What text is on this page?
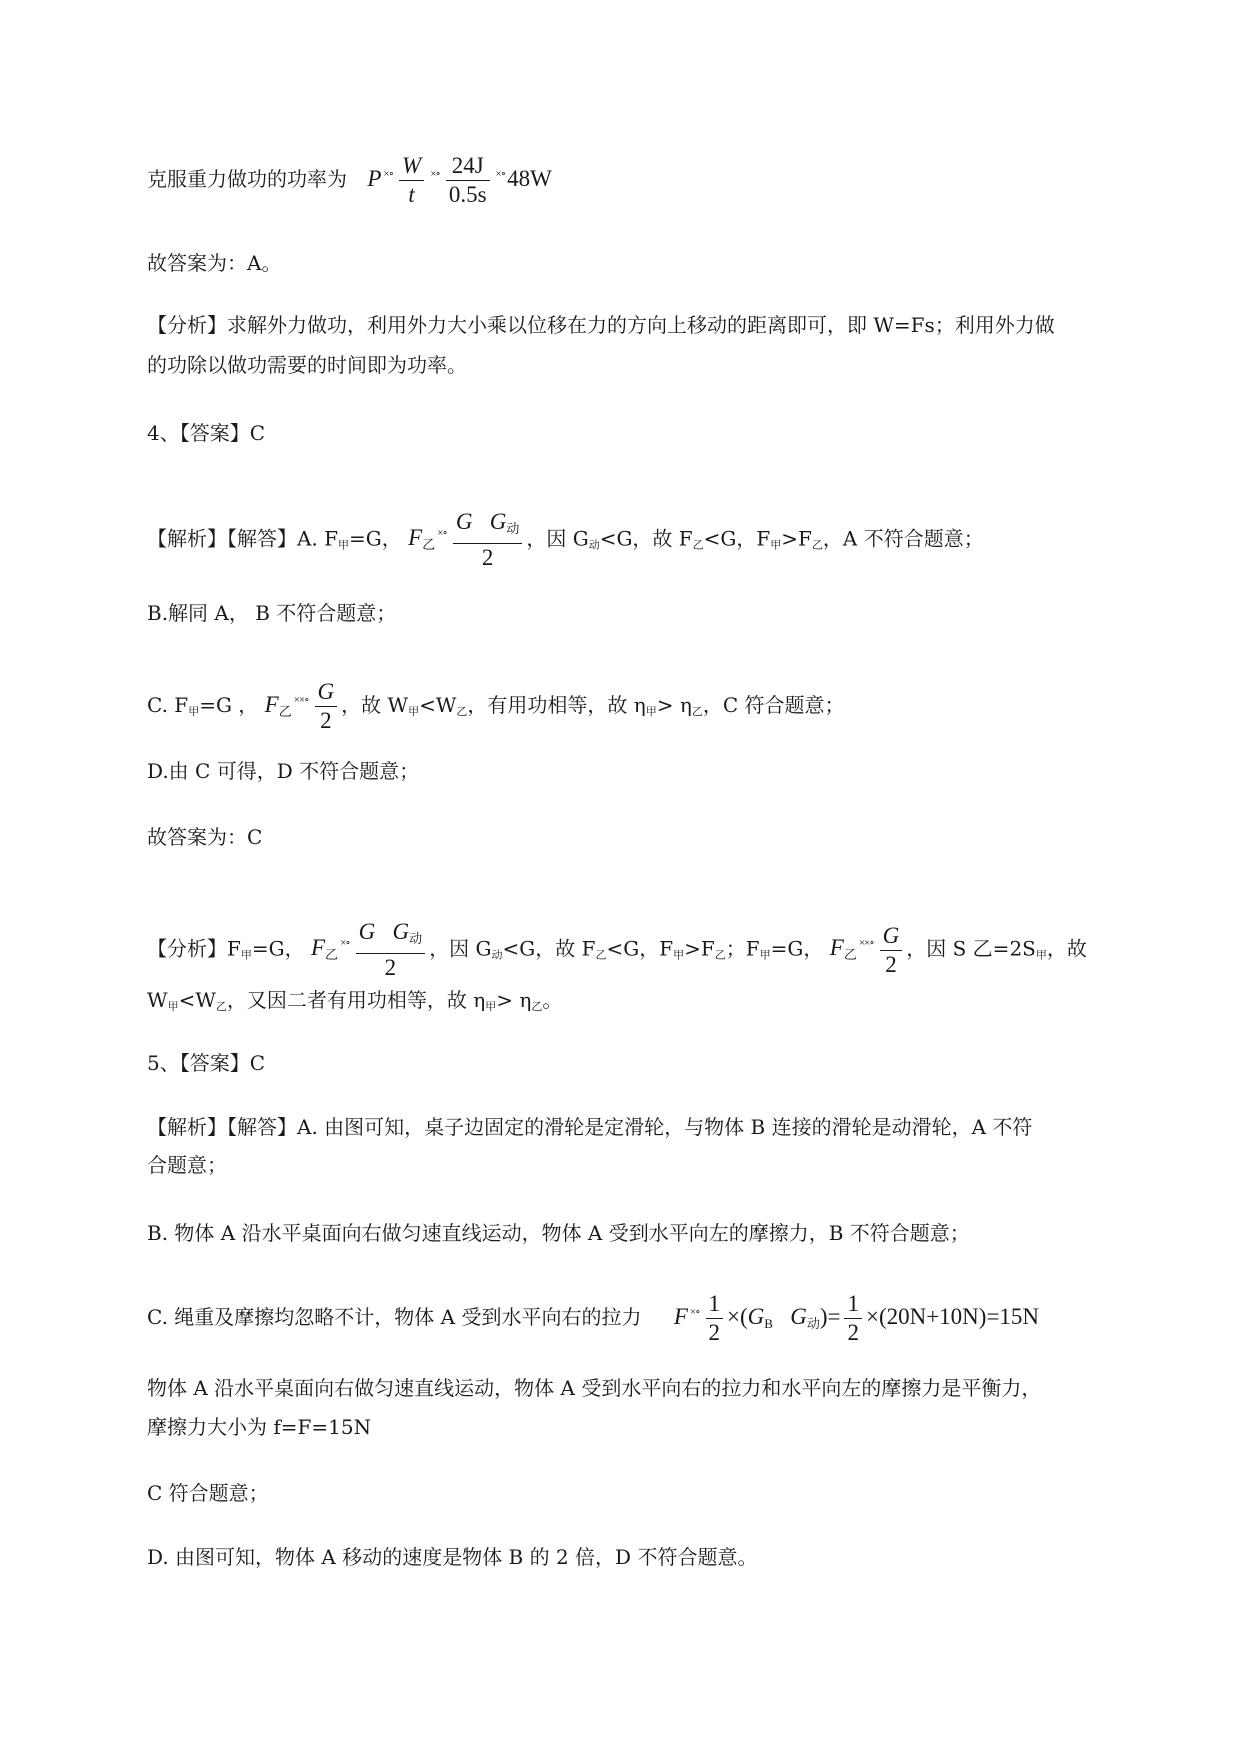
克服重力做功的功率为 P $^{\times\circ} \frac{W}{t} ^{\times\circ} \frac{24J}{0.5s} ^{\times\circ}48W$
故答案为：A。
【分析】求解外力做功，利用外力大小乘以位移在力的方向上移动的距离即可，即 W=Fs；利用外力做
的功除以做功需要的时间即为功率。
4、【答案】C
【解析】【解答】A. F甲=G， $F_乙^{\times\circ} \frac{G G_动}{2}$ ，因 G动<G，故 F乙<G，F甲>F乙，A 不符合题意；
B.解同 A， B 不符合题意；
C. F甲=G ， $F_乙^{\times\times\circ} \frac{G}{2}$ ，故 W甲<W乙，有用功相等，故 η甲> η乙，C 符合题意；
D.由 C 可得，D 不符合题意；
故答案为：C
【分析】F甲=G， $F_乙^{\times\circ} \frac{G G_动}{2}$ ，因 G动<G，故 F乙<G，F甲>F乙；F甲=G， $F_乙^{\times\times\circ} \frac{G}{2}$ ，因 S 乙=2S甲，故
W甲<W乙，又因二者有用功相等，故 η甲> η乙。
5、【答案】C
【解析】【解答】A. 由图可知，桌子边固定的滑轮是定滑轮，与物体 B 连接的滑轮是动滑轮，A 不符
合题意；
B. 物体 A 沿水平桌面向右做匀速直线运动，物体 A 受到水平向左的摩擦力，B 不符合题意；
C. 绳重及摩擦均忽略不计，物体 A 受到水平向右的拉力 F $^{\times\circ} \frac{1}{2} \times(G_B$ $G_动)= \frac{1}{2} \times(20N+10N)=15N$
物体 A 沿水平桌面向右做匀速直线运动，物体 A 受到水平向右的拉力和水平向左的摩擦力是平衡力，
摩擦力大小为 f=F=15N
C 符合题意；
D. 由图可知，物体 A 移动的速度是物体 B 的 2 倍，D 不符合题意。
